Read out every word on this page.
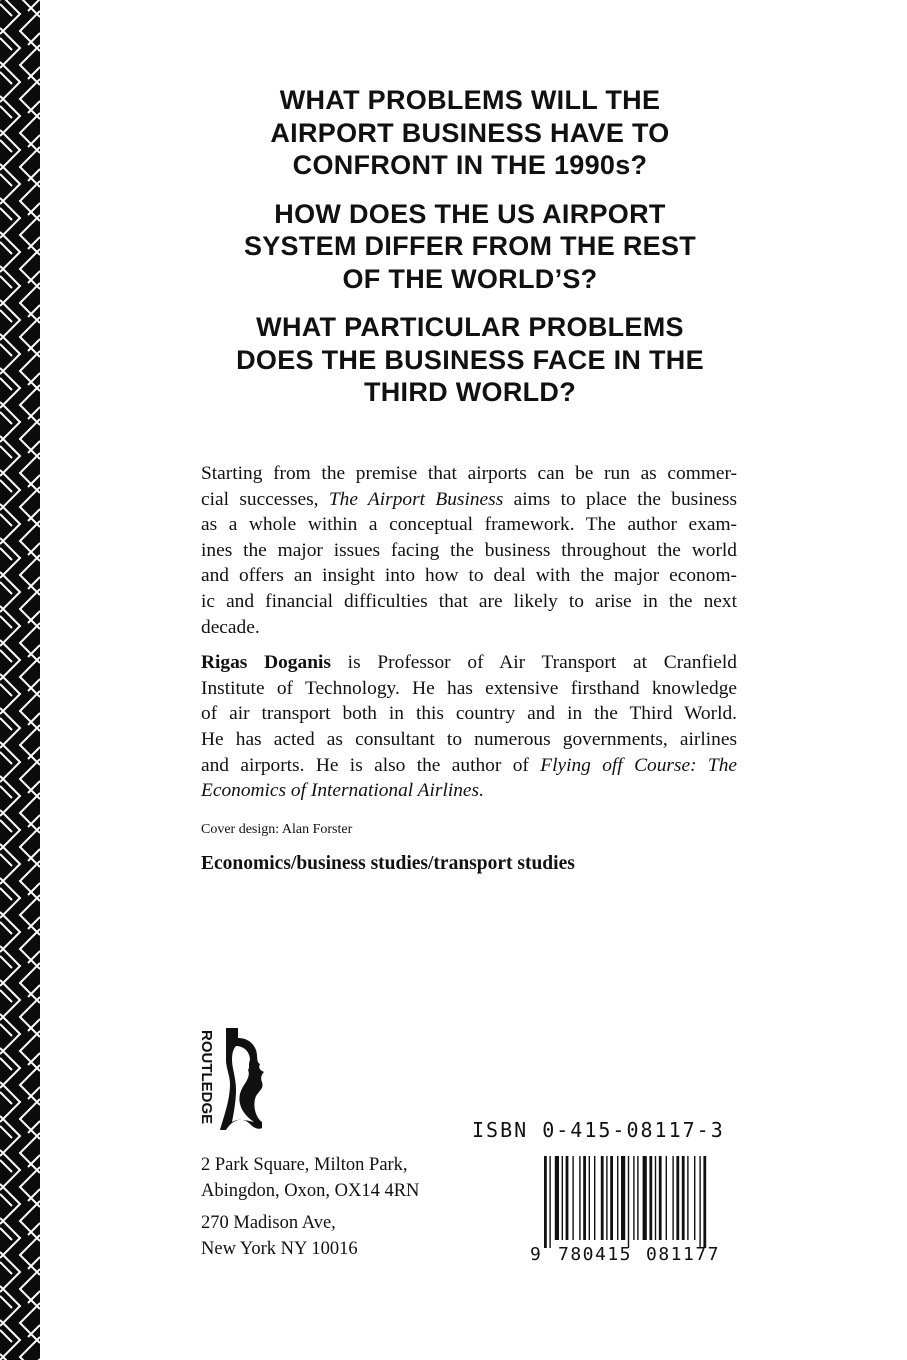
WHAT PROBLEMS WILL THE
AIRPORT BUSINESS HAVE TO
CONFRONT IN THE 1990s?
HOW DOES THE US AIRPORT
SYSTEM DIFFER FROM THE REST
OF THE WORLD’S?
WHAT PARTICULAR PROBLEMS
DOES THE BUSINESS FACE IN THE
THIRD WORLD?

Starting from the premise that airports can be run as commer-
cial successes, The Airport Business aims to place the business
as a whole within a conceptual framework. The author exam-
ines the major issues facing the business throughout the world
and offers an insight into how to deal with the major econom-
ic and financial difficulties that are likely to arise in the next
decade.

Rigas Doganis is Professor of Air Transport at Cranfield
Institute of Technology. He has extensive firsthand knowledge
of air transport both in this country and in the Third World.
He has acted as consultant to numerous governments, airlines
and airports. He is also the author of Flying off Course: The
Economics of International Airlines.

Cover design: Alan Forster
Economics/business studies/transport studies
ROUTLEDGE
ISBN 0-415-08117-3
2 Park Square, Milton Park,
Abingdon, Oxon, OX14 4RN
270 Madison Ave,
New York NY 10016	9 780415 081177
